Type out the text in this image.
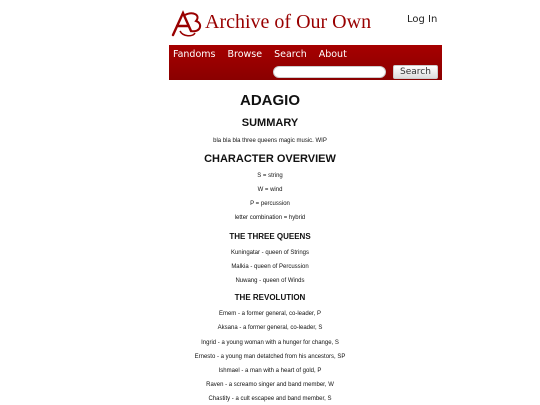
Archive of Our Own	Log In
Fandoms Browse Search About
Search
ADAGIO
SUMMARY
bla bla bla three queens magic music. WIP
CHARACTER OVERVIEW
S = string
W = wind
P = percussion
letter combination = hybrid
THE THREE QUEENS
Kuningatar - queen of Strings
Malkia - queen of Percussion
Nuwang - queen of Winds
THE REVOLUTION
Emem - a former general, co-leader, P
Aksana - a former general, co-leader, S
Ingrid - a young woman with a hunger for change, S
Ernesto - a young man detatched from his ancestors, SP
Ishmael - a man with a heart of gold, P
Raven - a screamo singer and band member, W
Chastity - a cult escapee and band member, S
